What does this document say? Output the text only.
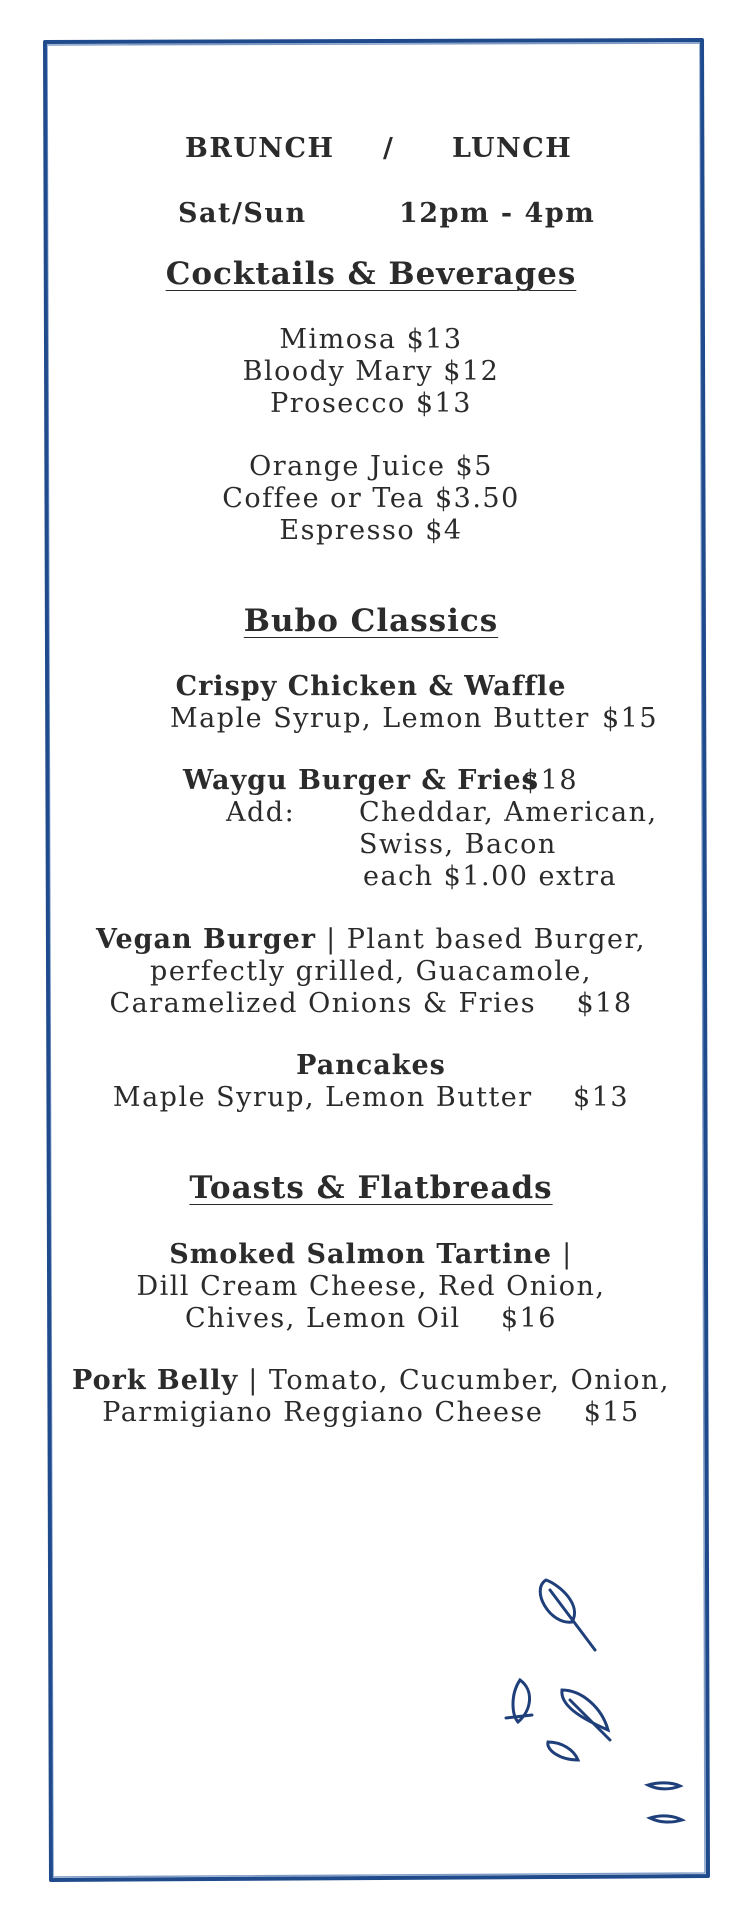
BRUNCH / LUNCH
Sat/Sun	12pm - 4pm
Cocktails & Beverages
Mimosa $13
Bloody Mary $12
Prosecco $13
Orange Juice $5
Coffee or Tea $3.50
Espresso $4
Bubo Classics
Crispy Chicken & Waffle
Maple Syrup, Lemon Butter $15
Waygu Burger & Fries
$18
Add: Cheddar, American,
Swiss, Bacon
each $1.00 extra
Vegan Burger | Plant based Burger,
perfectly grilled, Guacamole,
Caramelized Onions & Fries    $18
Pancakes
Maple Syrup, Lemon Butter    $13
Toasts & Flatbreads
Smoked Salmon Tartine |
Dill Cream Cheese, Red Onion,
Chives, Lemon Oil    $16
Pork Belly | Tomato, Cucumber, Onion,
Parmigiano Reggiano Cheese    $15
